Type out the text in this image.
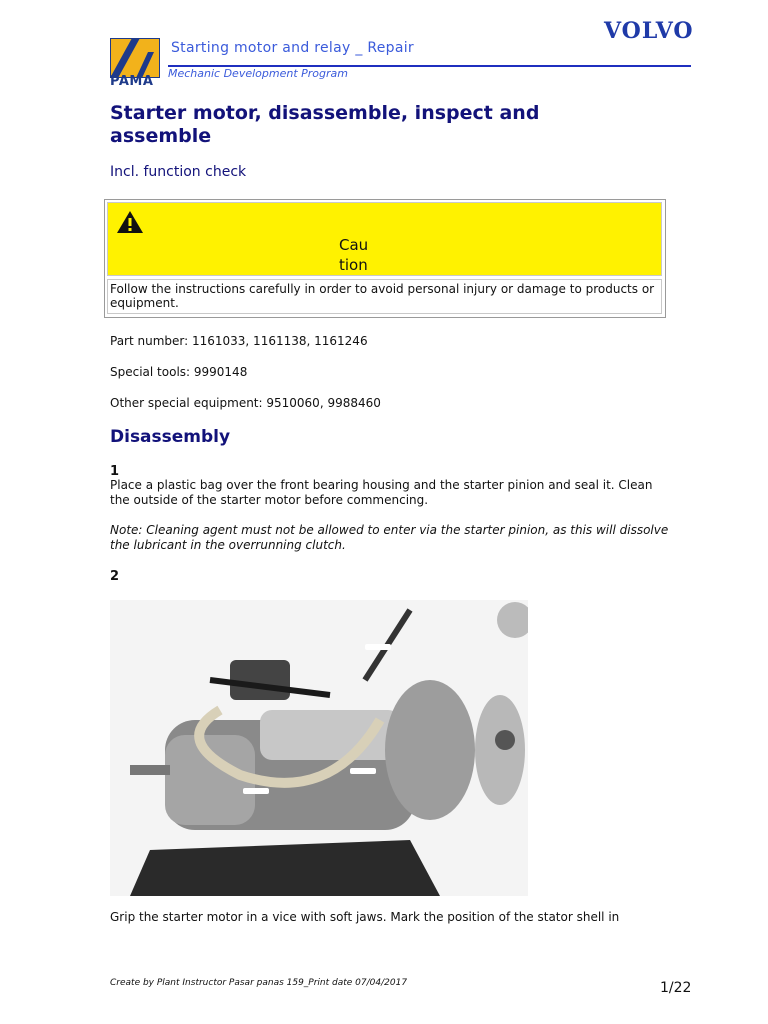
PAMA
Starting motor and relay _ Repair
Mechanic Development Program
VOLVO
Starter motor, disassemble, inspect and assemble
Incl. function check
Cau tion
Follow the instructions carefully in order to avoid personal injury or damage to products or equipment.
Part number: 1161033, 1161138, 1161246
Special tools: 9990148
Other special equipment: 9510060, 9988460
Disassembly
1
Place a plastic bag over the front bearing housing and the starter pinion and seal it. Clean the outside of the starter motor before commencing.
Note: Cleaning agent must not be allowed to enter via the starter pinion, as this will dissolve the lubricant in the overrunning clutch.
2
Grip the starter motor in a vice with soft jaws. Mark the position of the stator shell in
Create by Plant Instructor Pasar panas 159_Print date 07/04/2017	1/22
